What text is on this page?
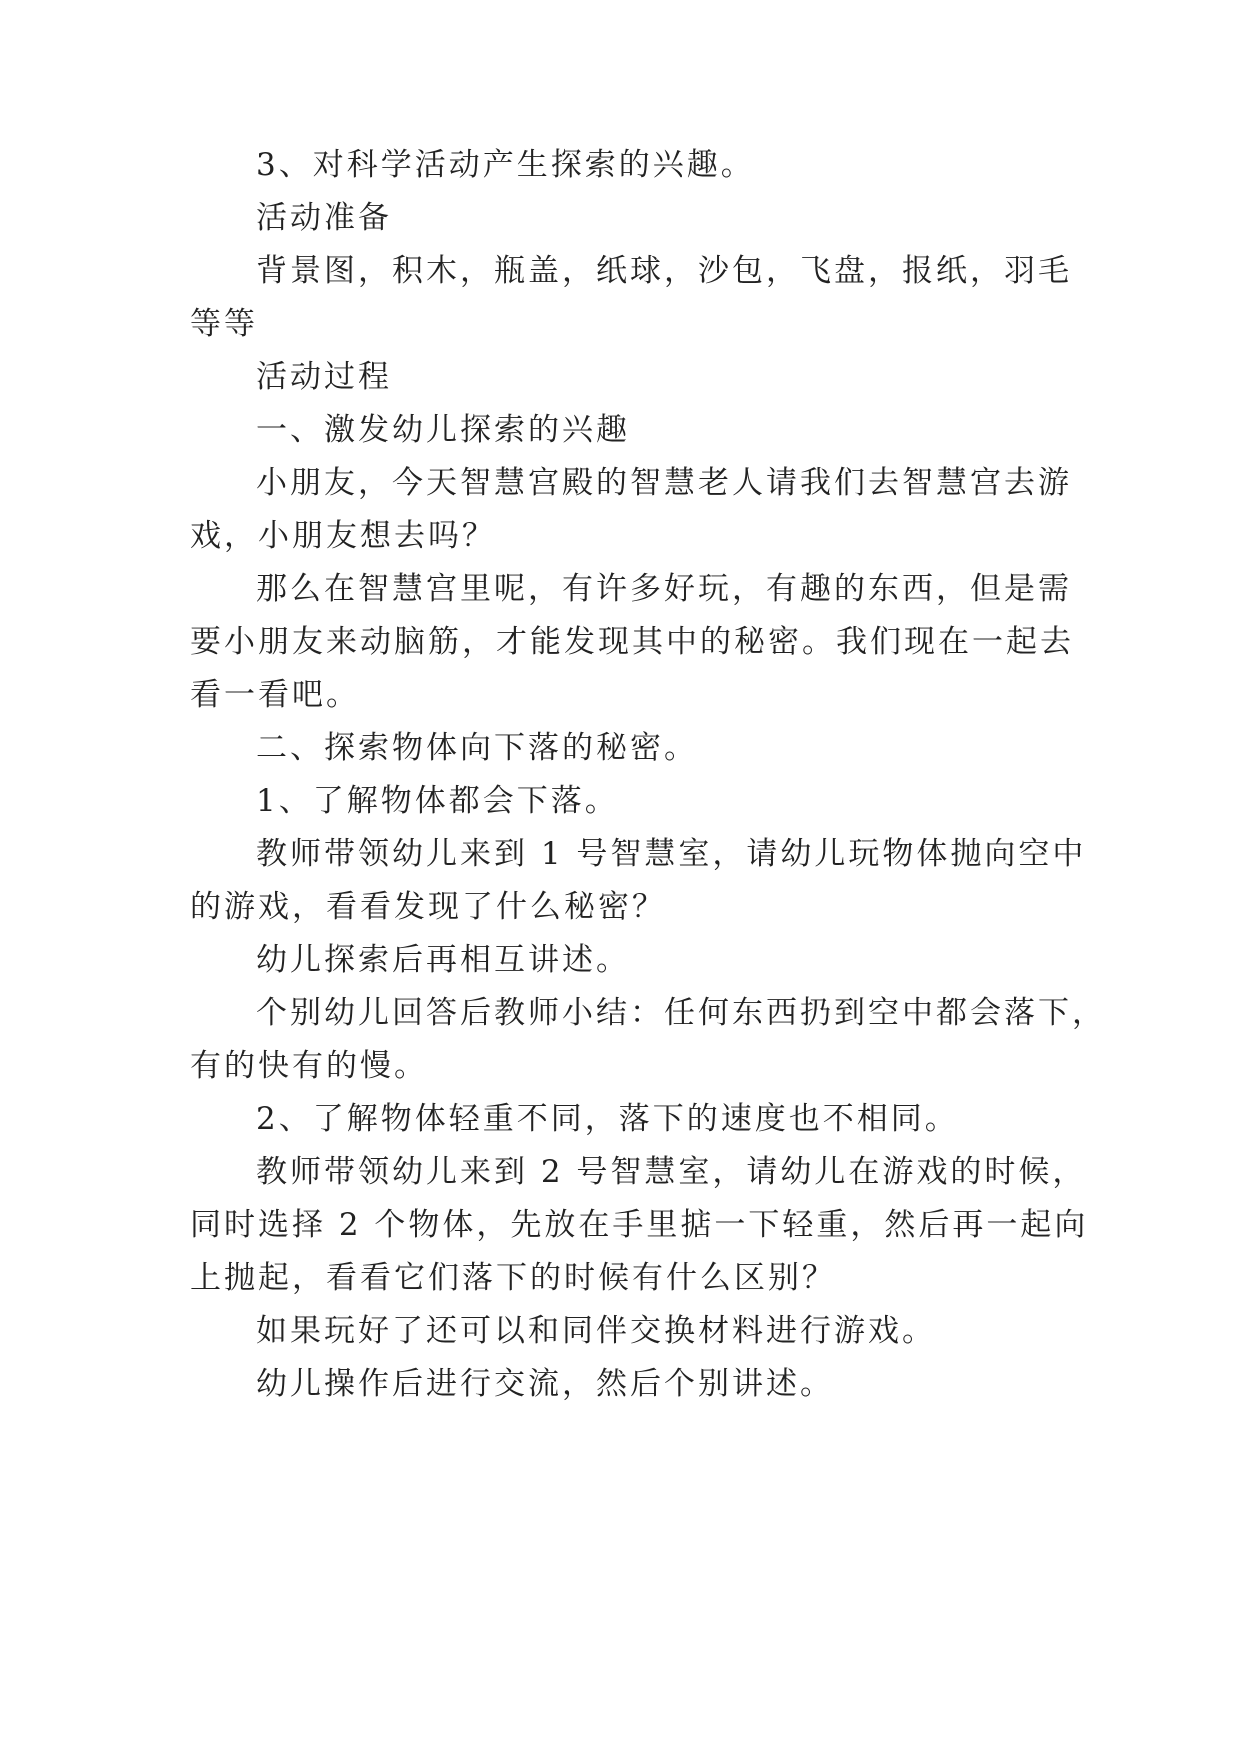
3、对科学活动产生探索的兴趣。
活动准备
背景图，积木，瓶盖，纸球，沙包，飞盘，报纸，羽毛
等等
活动过程
一、激发幼儿探索的兴趣
小朋友，今天智慧宫殿的智慧老人请我们去智慧宫去游
戏，小朋友想去吗？
那么在智慧宫里呢，有许多好玩，有趣的东西，但是需
要小朋友来动脑筋，才能发现其中的秘密。我们现在一起去
看一看吧。
二、探索物体向下落的秘密。
1、了解物体都会下落。
教师带领幼儿来到 1 号智慧室，请幼儿玩物体抛向空中
的游戏，看看发现了什么秘密？
幼儿探索后再相互讲述。
个别幼儿回答后教师小结：任何东西扔到空中都会落下，
有的快有的慢。
2、了解物体轻重不同，落下的速度也不相同。
教师带领幼儿来到 2 号智慧室，请幼儿在游戏的时候，
同时选择 2 个物体，先放在手里掂一下轻重，然后再一起向
上抛起，看看它们落下的时候有什么区别？
如果玩好了还可以和同伴交换材料进行游戏。
幼儿操作后进行交流，然后个别讲述。
